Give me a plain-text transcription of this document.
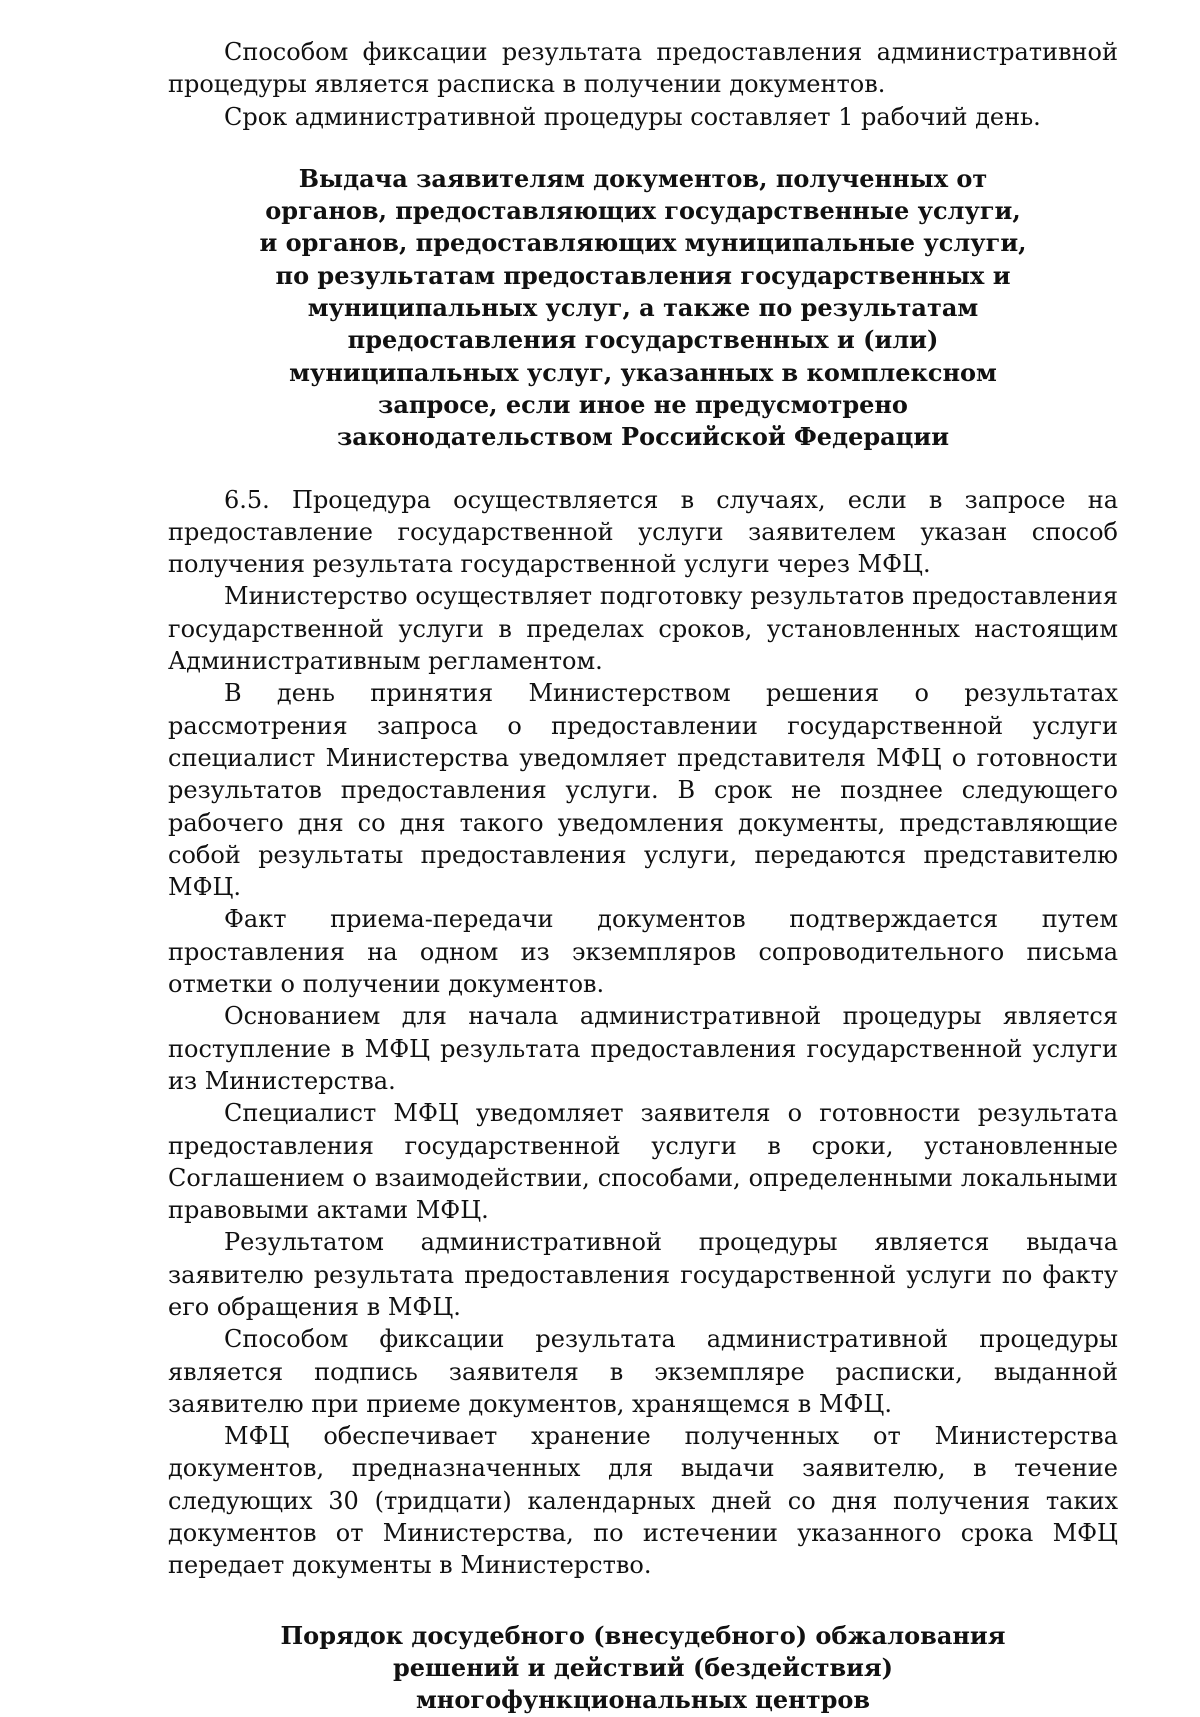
Способом фиксации результата предоставления административной процедуры является расписка в получении документов.

Срок административной процедуры составляет 1 рабочий день.

Выдача заявителям документов, полученных от органов, предоставляющих государственные услуги, и органов, предоставляющих муниципальные услуги, по результатам предоставления государственных и муниципальных услуг, а также по результатам предоставления государственных и (или) муниципальных услуг, указанных в комплексном запросе, если иное не предусмотрено законодательством Российской Федерации

6.5. Процедура осуществляется в случаях, если в запросе на предоставление государственной услуги заявителем указан способ получения результата государственной услуги через МФЦ.

Министерство осуществляет подготовку результатов предоставления государственной услуги в пределах сроков, установленных настоящим Административным регламентом.

В день принятия Министерством решения о результатах рассмотрения запроса о предоставлении государственной услуги специалист Министерства уведомляет представителя МФЦ о готовности результатов предоставления услуги. В срок не позднее следующего рабочего дня со дня такого уведомления документы, представляющие собой результаты предоставления услуги, передаются представителю МФЦ.

Факт приема-передачи документов подтверждается путем проставления на одном из экземпляров сопроводительного письма отметки о получении документов.

Основанием для начала административной процедуры является поступление в МФЦ результата предоставления государственной услуги из Министерства.

Специалист МФЦ уведомляет заявителя о готовности результата предоставления государственной услуги в сроки, установленные Соглашением о взаимодействии, способами, определенными локальными правовыми актами МФЦ.

Результатом административной процедуры является выдача заявителю результата предоставления государственной услуги по факту его обращения в МФЦ.

Способом фиксации результата административной процедуры является подпись заявителя в экземпляре расписки, выданной заявителю при приеме документов, хранящемся в МФЦ.

МФЦ обеспечивает хранение полученных от Министерства документов, предназначенных для выдачи заявителю, в течение следующих 30 (тридцати) календарных дней со дня получения таких документов от Министерства, по истечении указанного срока МФЦ передает документы в Министерство.

Порядок досудебного (внесудебного) обжалования решений и действий (бездействия) многофункциональных центров
